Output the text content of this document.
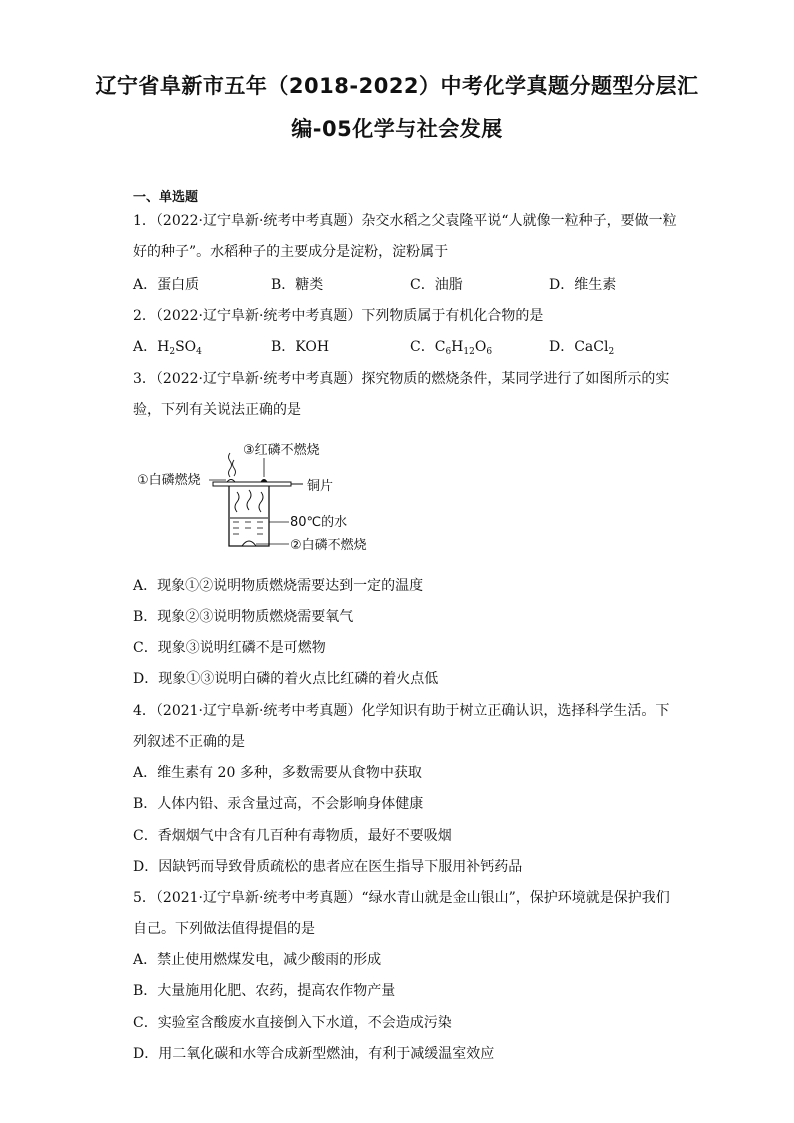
辽宁省阜新市五年（2018-2022）中考化学真题分题型分层汇
编-05化学与社会发展
一、单选题
1．（2022·辽宁阜新·统考中考真题）杂交水稻之父袁隆平说“人就像一粒种子，要做一粒
好的种子”。水稻种子的主要成分是淀粉，淀粉属于
A．蛋白质	B．糖类	C．油脂	D．维生素
2．（2022·辽宁阜新·统考中考真题）下列物质属于有机化合物的是
A．$H_2SO_4$	B．KOH	C．$C_6H_{12}O_6$	D．CaCl$_2$
3．（2022·辽宁阜新·统考中考真题）探究物质的燃烧条件，某同学进行了如图所示的实
验，下列有关说法正确的是
③红磷不燃烧
①白磷燃烧	铜片
80℃的水
②白磷不燃烧
A．现象①②说明物质燃烧需要达到一定的温度
B．现象②③说明物质燃烧需要氧气
C．现象③说明红磷不是可燃物
D．现象①③说明白磷的着火点比红磷的着火点低
4．（2021·辽宁阜新·统考中考真题）化学知识有助于树立正确认识，选择科学生活。下
列叙述不正确的是
A．维生素有 20 多种，多数需要从食物中获取
B．人体内铅、汞含量过高，不会影响身体健康
C．香烟烟气中含有几百种有毒物质，最好不要吸烟
D．因缺钙而导致骨质疏松的患者应在医生指导下服用补钙药品
5．（2021·辽宁阜新·统考中考真题）“绿水青山就是金山银山”，保护环境就是保护我们
自己。下列做法值得提倡的是
A．禁止使用燃煤发电，减少酸雨的形成
B．大量施用化肥、农药，提高农作物产量
C．实验室含酸废水直接倒入下水道，不会造成污染
D．用二氧化碳和水等合成新型燃油，有利于减缓温室效应
